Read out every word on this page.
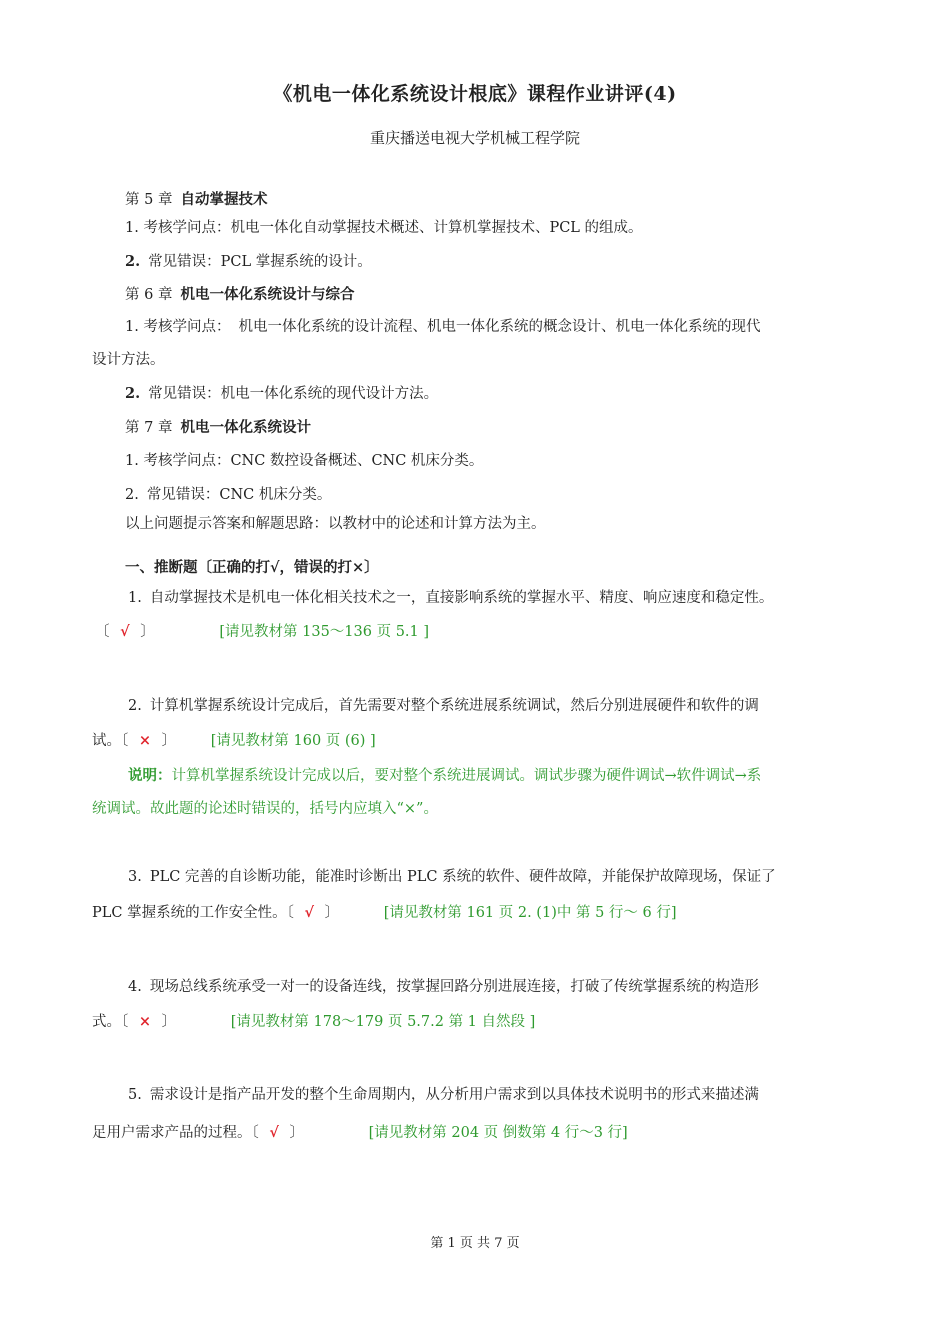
《机电一体化系统设计根底》课程作业讲评(4)
重庆播送电视大学机械工程学院
第 5 章 自动掌握技术
1. 考核学问点：机电一体化自动掌握技术概述、计算机掌握技术、PCL 的组成。
2. 常见错误：PCL 掌握系统的设计。
第 6 章 机电一体化系统设计与综合
1. 考核学问点： 机电一体化系统的设计流程、机电一体化系统的概念设计、机电一体化系统的现代
设计方法。
2. 常见错误：机电一体化系统的现代设计方法。
第 7 章 机电一体化系统设计
1. 考核学问点：CNC 数控设备概述、CNC 机床分类。
2. 常见错误：CNC 机床分类。
以上问题提示答案和解题思路：以教材中的论述和计算方法为主。
一、推断题〔正确的打√，错误的打×〕
1. 自动掌握技术是机电一体化相关技术之一，直接影响系统的掌握水平、精度、响应速度和稳定性。
〔 √ 〕	[请见教材第 135～136 页 5.1 ]
2. 计算机掌握系统设计完成后，首先需要对整个系统进展系统调试，然后分别进展硬件和软件的调
试。〔 × 〕 [请见教材第 160 页 (6) ]
说明：计算机掌握系统设计完成以后，要对整个系统进展调试。调试步骤为硬件调试→软件调试→系
统调试。故此题的论述时错误的，括号内应填入“×”。
3. PLC 完善的自诊断功能，能准时诊断出 PLC 系统的软件、硬件故障，并能保护故障现场，保证了
PLC 掌握系统的工作安全性。〔 √ 〕	[请见教材第 161 页 2. (1)中 第 5 行～ 6 行]
4. 现场总线系统承受一对一的设备连线，按掌握回路分别进展连接，打破了传统掌握系统的构造形
式。〔 × 〕	[请见教材第 178～179 页 5.7.2 第 1 自然段 ]
5. 需求设计是指产品开发的整个生命周期内，从分析用户需求到以具体技术说明书的形式来描述满
足用户需求产品的过程。〔 √ 〕	[请见教材第 204 页 倒数第 4 行～3 行]
第 1 页 共 7 页
